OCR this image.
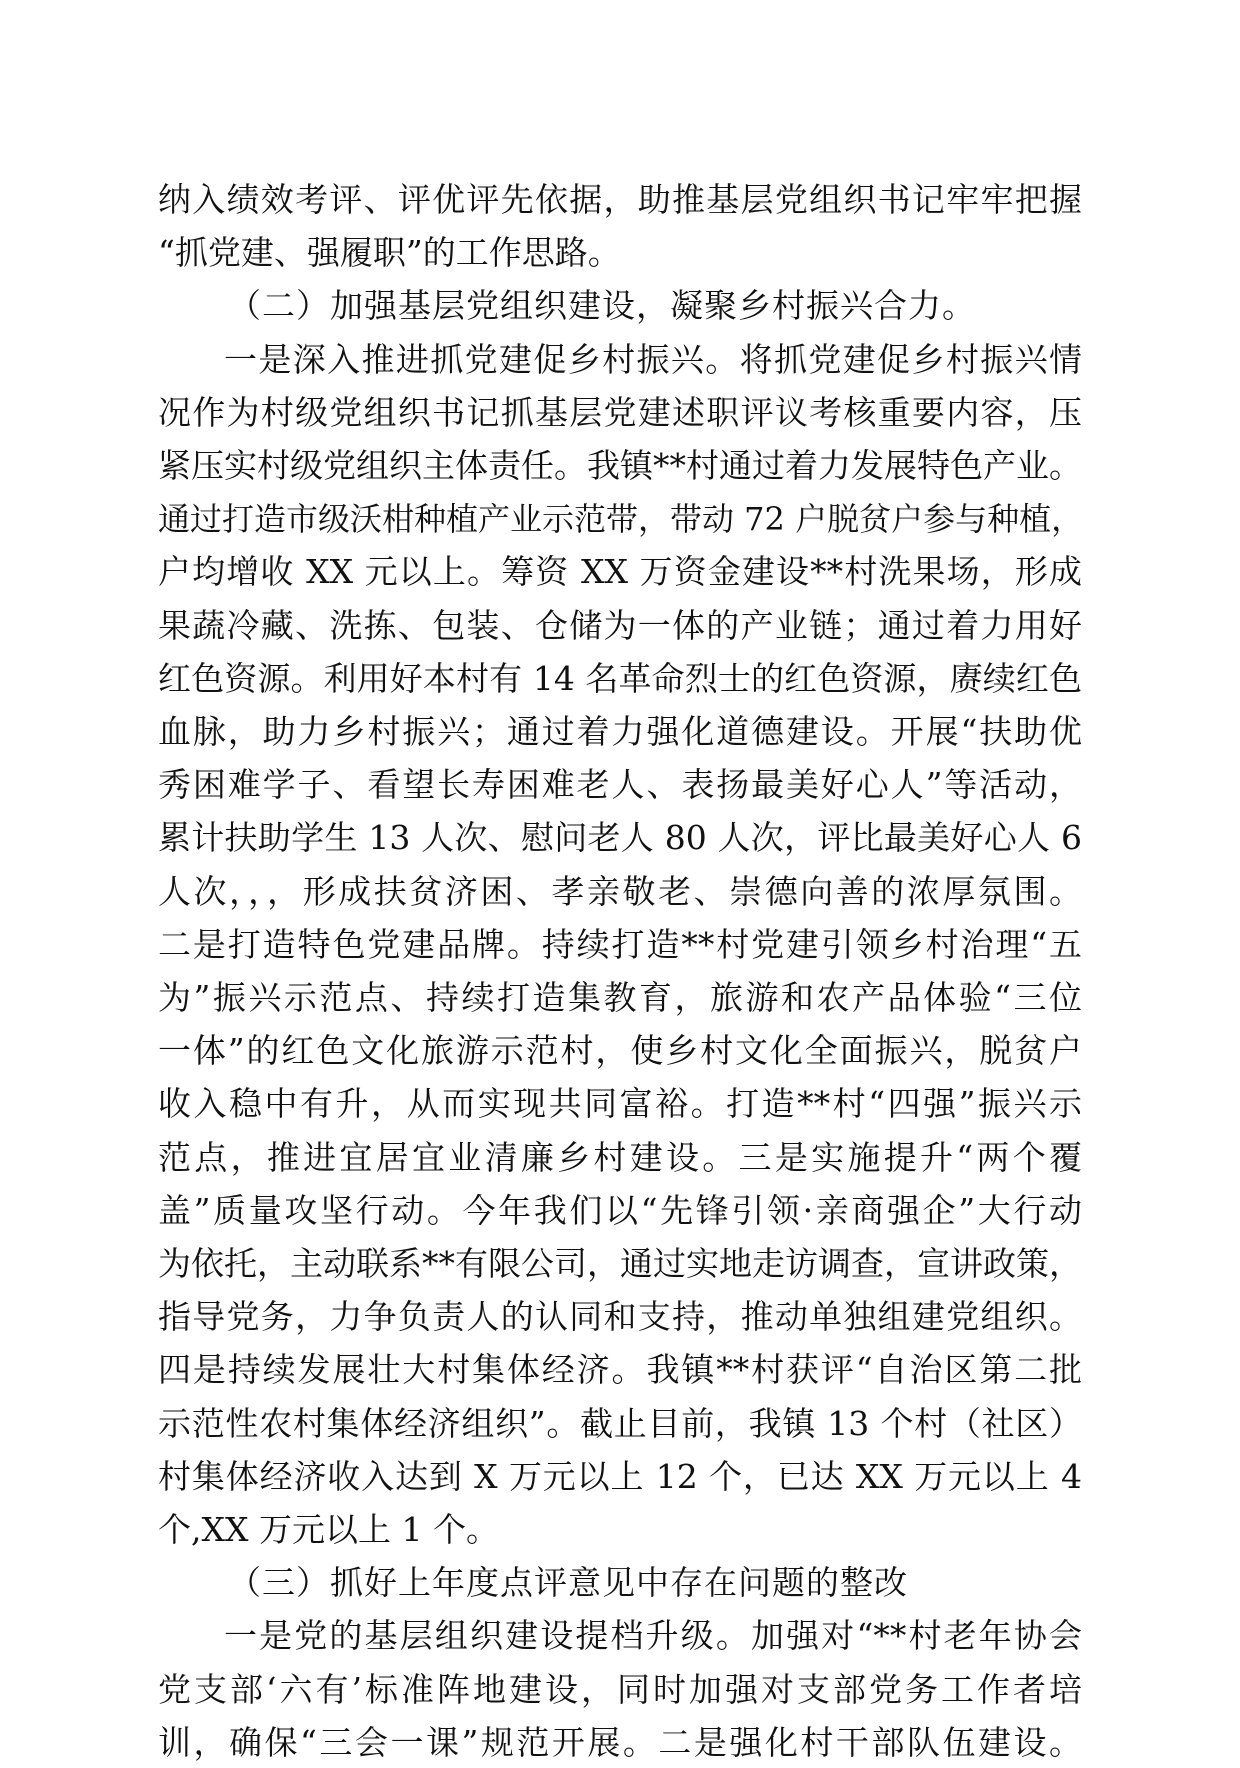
纳入绩效考评、评优评先依据，助推基层党组织书记牢牢把握
“抓党建、强履职”的工作思路。
（二）加强基层党组织建设，凝聚乡村振兴合力。
一是深入推进抓党建促乡村振兴。将抓党建促乡村振兴情
况作为村级党组织书记抓基层党建述职评议考核重要内容，压
紧压实村级党组织主体责任。我镇**村通过着力发展特色产业。
通过打造市级沃柑种植产业示范带，带动 72 户脱贫户参与种植，
户均增收 XX 元以上。筹资 XX 万资金建设**村洗果场，形成
果蔬冷藏、洗拣、包装、仓储为一体的产业链；通过着力用好
红色资源。利用好本村有 14 名革命烈士的红色资源，赓续红色
血脉，助力乡村振兴；通过着力强化道德建设。开展“扶助优
秀困难学子、看望长寿困难老人、表扬最美好心人”等活动，
累计扶助学生 13 人次、慰问老人 80 人次，评比最美好心人 6
人次，，，形成扶贫济困、孝亲敬老、崇德向善的浓厚氛围。
二是打造特色党建品牌。持续打造**村党建引领乡村治理“五
为”振兴示范点、持续打造集教育，旅游和农产品体验“三位
一体”的红色文化旅游示范村，使乡村文化全面振兴，脱贫户
收入稳中有升，从而实现共同富裕。打造**村“四强”振兴示
范点，推进宜居宜业清廉乡村建设。三是实施提升“两个覆
盖”质量攻坚行动。今年我们以“先锋引领·亲商强企”大行动
为依托，主动联系**有限公司，通过实地走访调查，宣讲政策，
指导党务，力争负责人的认同和支持，推动单独组建党组织。
四是持续发展壮大村集体经济。我镇**村获评“自治区第二批
示范性农村集体经济组织”。截止目前，我镇 13 个村（社区）
村集体经济收入达到 X 万元以上 12 个，已达 XX 万元以上 4
个,XX 万元以上 1 个。
（三）抓好上年度点评意见中存在问题的整改
一是党的基层组织建设提档升级。加强对“**村老年协会
党支部‘六有’标准阵地建设，同时加强对支部党务工作者培
训，确保“三会一课”规范开展。二是强化村干部队伍建设。
